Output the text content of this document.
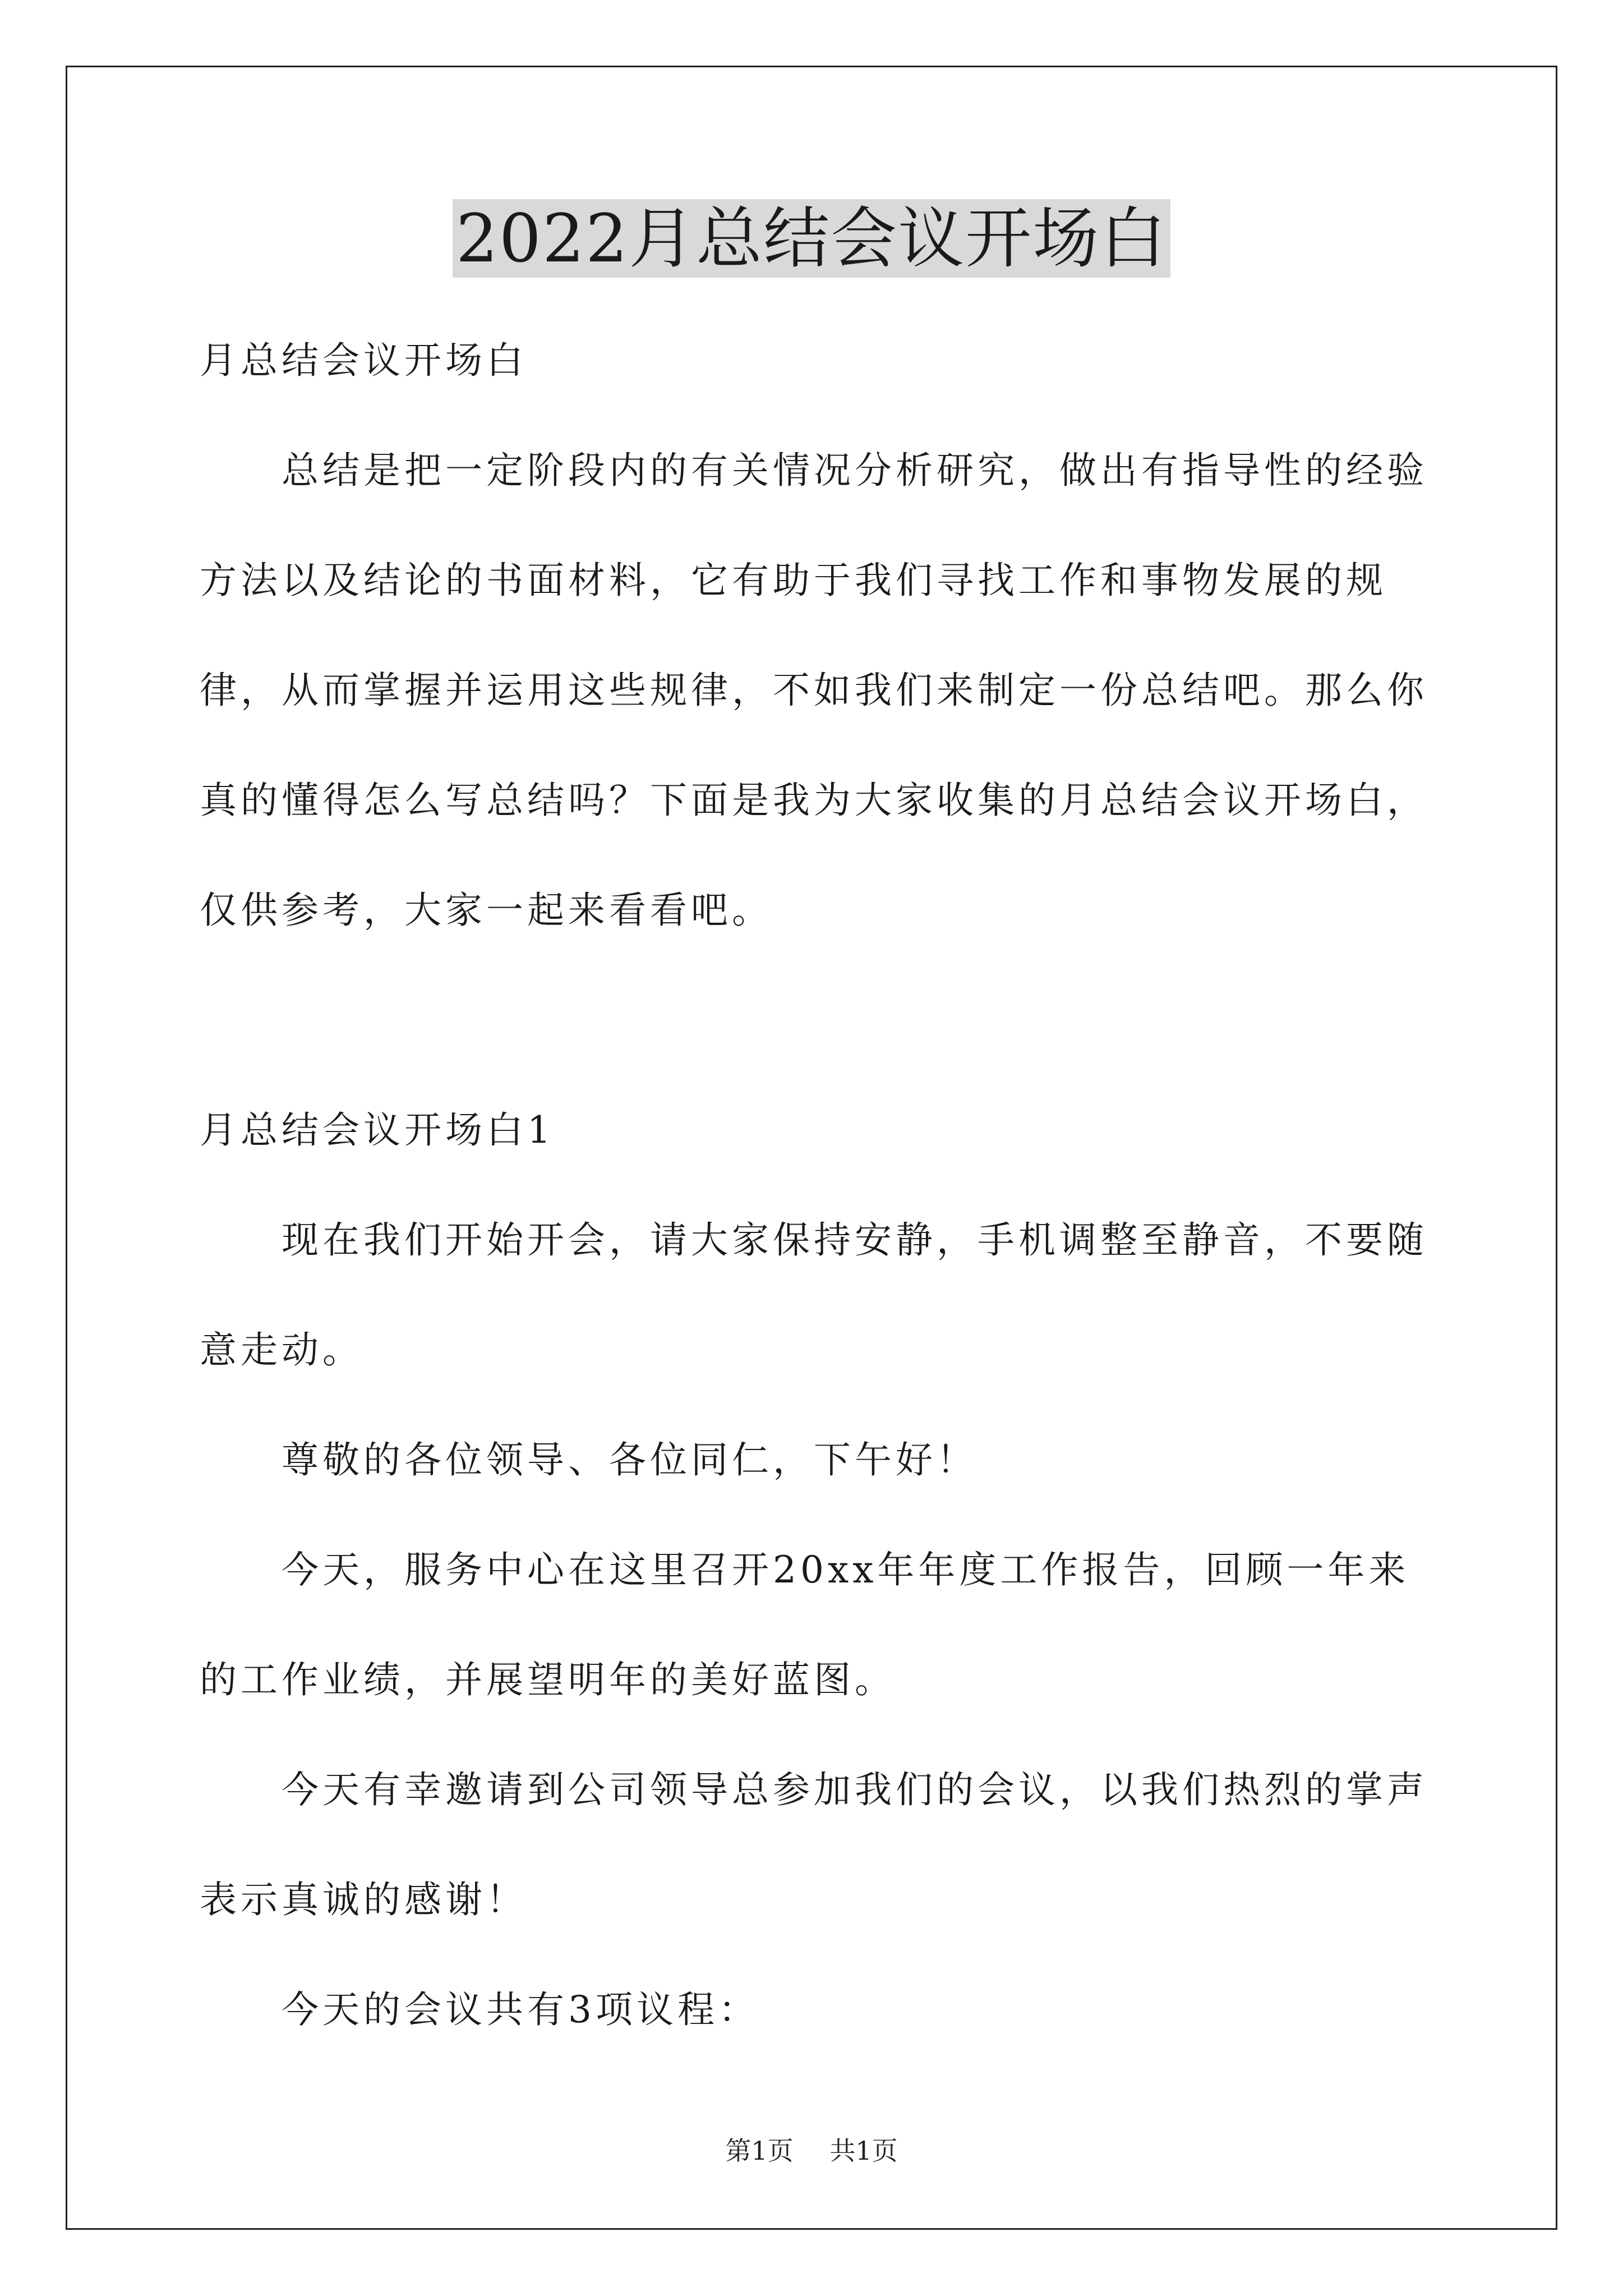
2022月总结会议开场白

月总结会议开场白

总结是把一定阶段内的有关情况分析研究，做出有指导性的经验方法以及结论的书面材料，它有助于我们寻找工作和事物发展的规律，从而掌握并运用这些规律，不如我们来制定一份总结吧。那么你真的懂得怎么写总结吗？下面是我为大家收集的月总结会议开场白，仅供参考，大家一起来看看吧。

月总结会议开场白1

现在我们开始开会，请大家保持安静，手机调整至静音，不要随意走动。

尊敬的各位领导、各位同仁，下午好！

今天，服务中心在这里召开20xx年年度工作报告，回顾一年来的工作业绩，并展望明年的美好蓝图。

今天有幸邀请到公司领导总参加我们的会议，以我们热烈的掌声表示真诚的感谢！

今天的会议共有3项议程：

第1页 共1页
